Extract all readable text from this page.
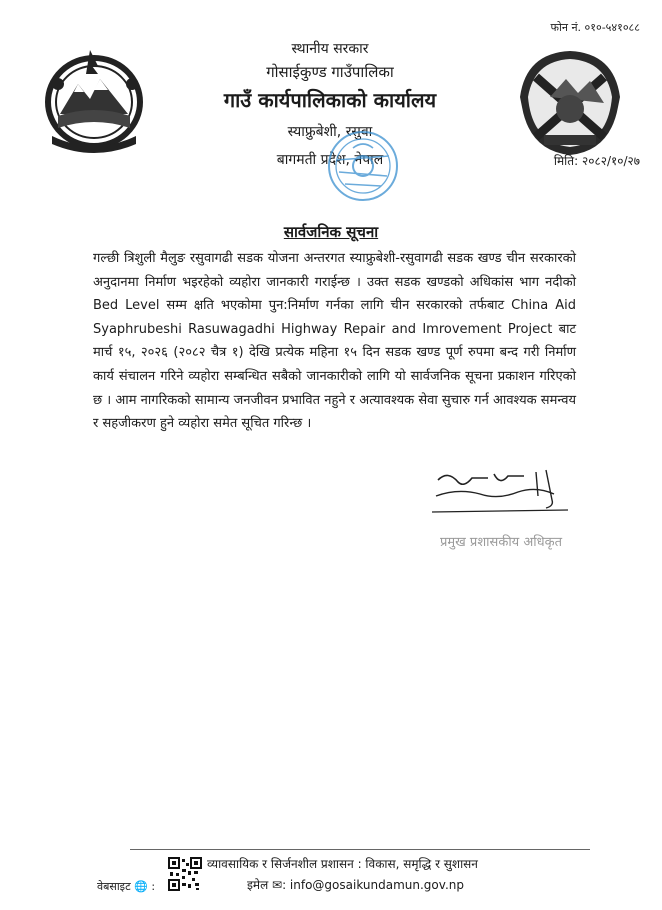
फोन नं. ०१०-५४१०८८
स्थानीय सरकार
गोसाईकुण्ड गाउँपालिका
गाउँ कार्यपालिकाको कार्यालय
स्याफ्रुबेशी, रसुवा
बागमती प्रदेश, नेपाल	मिति: २०८२/१०/२७
सार्वजनिक सूचना
गल्छी त्रिशुली मैलुङ रसुवागढी सडक योजना अन्तरगत स्याफ्रुबेशी-रसुवागढी सडक खण्ड चीन सरकारको अनुदानमा निर्माण भइरहेको व्यहोरा जानकारी गराईन्छ । उक्त सडक खण्डको अधिकांस भाग नदीको Bed Level सम्म क्षति भएकोमा पुन:निर्माण गर्नका लागि चीन सरकारको तर्फबाट China Aid Syaphrubeshi Rasuwagadhi Highway Repair and Imrovement Project बाट मार्च १५, २०२६ (२०८२ चैत्र १) देखि प्रत्येक महिना १५ दिन सडक खण्ड पूर्ण रुपमा बन्द गरी निर्माण कार्य संचालन गरिने व्यहोरा सम्बन्धित सबैको जानकारीको लागि यो सार्वजनिक सूचना प्रकाशन गरिएको छ । आम नागरिकको सामान्य जनजीवन प्रभावित नहुने र अत्यावश्यक सेवा सुचारु गर्न आवश्यक समन्वय र सहजीकरण हुने व्यहोरा समेत सूचित गरिन्छ ।
प्रमुख प्रशासकीय अधिकृत
व्यावसायिक र सिर्जनशील प्रशासन : विकास, समृद्धि र सुशासन
वेबसाइट 🌐 :	इमेल ✉: info@gosaikundamun.gov.np
